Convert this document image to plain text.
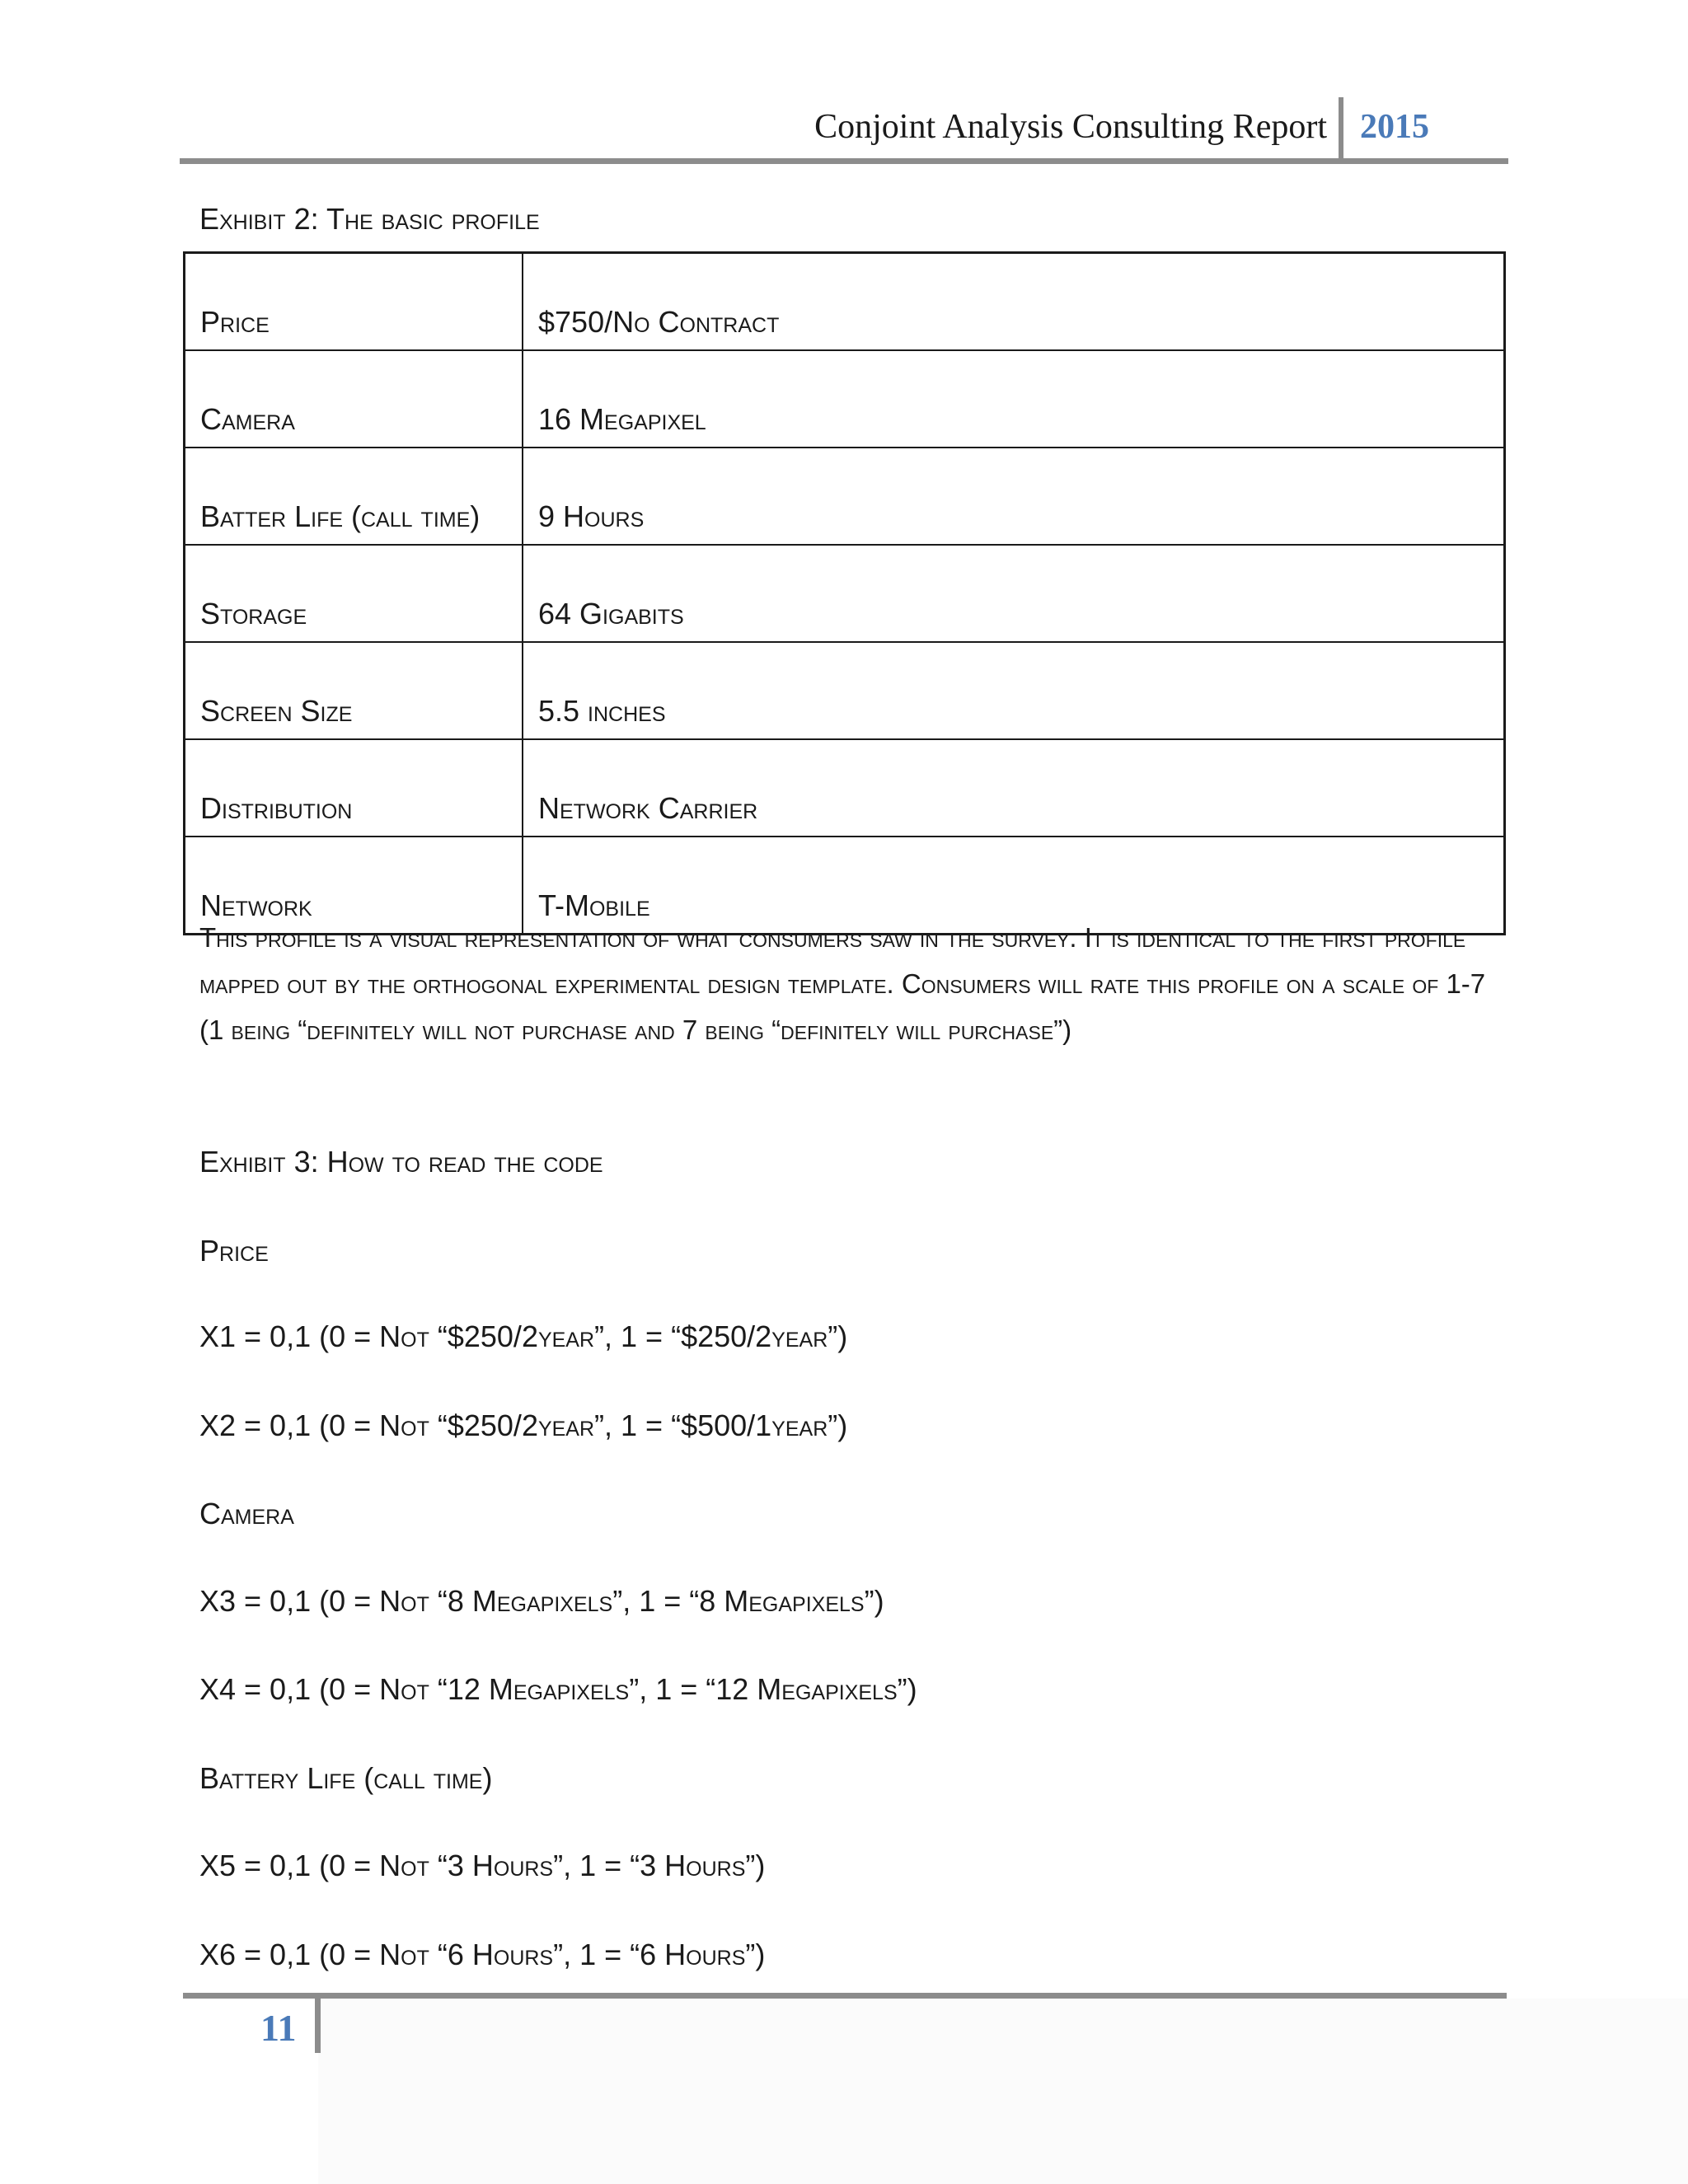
Conjoint Analysis Consulting Report 2015
Exhibit 2: The basic profile
Price	$750/No Contract
Camera	16 Megapixel
Batter Life (call time)	9 Hours
Storage	64 Gigabits
Screen Size	5.5 inches
Distribution	Network Carrier
Network	T-Mobile
This profile is a visual representation of what consumers saw in the survey. It is identical to the first profile mapped out by the orthogonal experimental design template. Consumers will rate this profile on a scale of 1-7 (1 being “definitely will not purchase and 7 being “definitely will purchase”)
Exhibit 3: How to read the code
Price
X1 = 0,1 (0 = Not “$250/2year”, 1 = “$250/2year”)
X2 = 0,1 (0 = Not “$250/2year”, 1 = “$500/1year”)
Camera
X3 = 0,1 (0 = Not “8 Megapixels”, 1 = “8 Megapixels”)
X4 = 0,1 (0 = Not “12 Megapixels”, 1 = “12 Megapixels”)
Battery Life (call time)
X5 = 0,1 (0 = Not “3 Hours”, 1 = “3 Hours”)
X6 = 0,1 (0 = Not “6 Hours”, 1 = “6 Hours”)
11
